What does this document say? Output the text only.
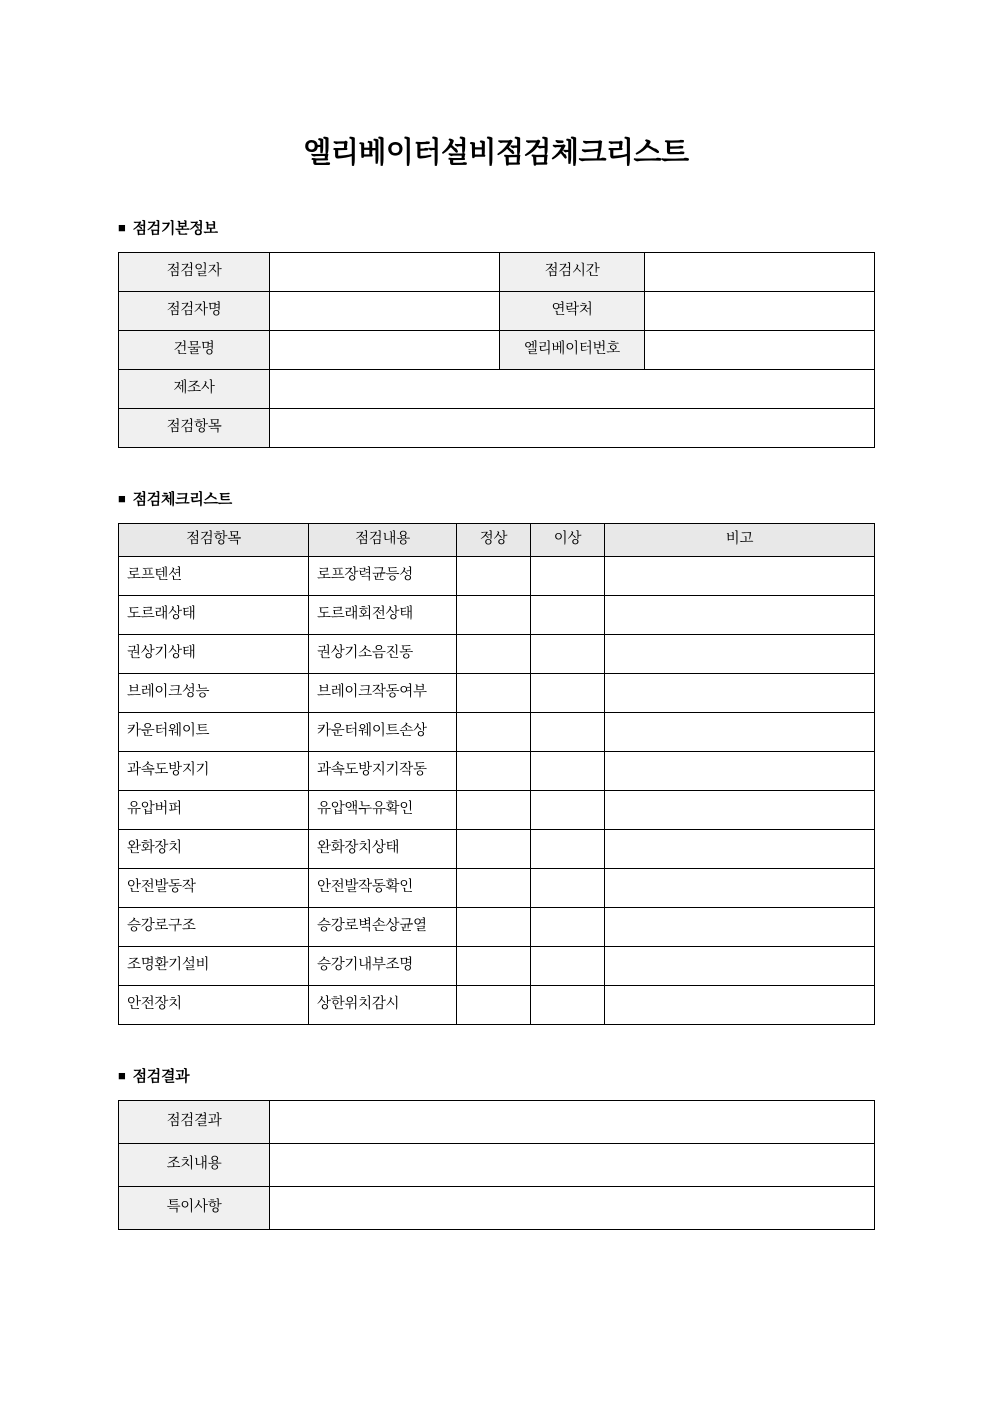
엘리베이터설비점검체크리스트
■ 점검기본정보
점검일자		점검시간	
점검자명		연락처	
건물명		엘리베이터번호	
제조사			
점검항목			
■ 점검체크리스트
점검항목	점검내용	정상	이상	비고
로프텐션	로프장력균등성			
도르래상태	도르래회전상태			
권상기상태	권상기소음진동			
브레이크성능	브레이크작동여부			
카운터웨이트	카운터웨이트손상			
과속도방지기	과속도방지기작동			
유압버퍼	유압액누유확인			
완화장치	완화장치상태			
안전발동작	안전발작동확인			
승강로구조	승강로벽손상균열			
조명환기설비	승강기내부조명			
안전장치	상한위치감시			
■ 점검결과
점검결과	
조치내용	
특이사항	
